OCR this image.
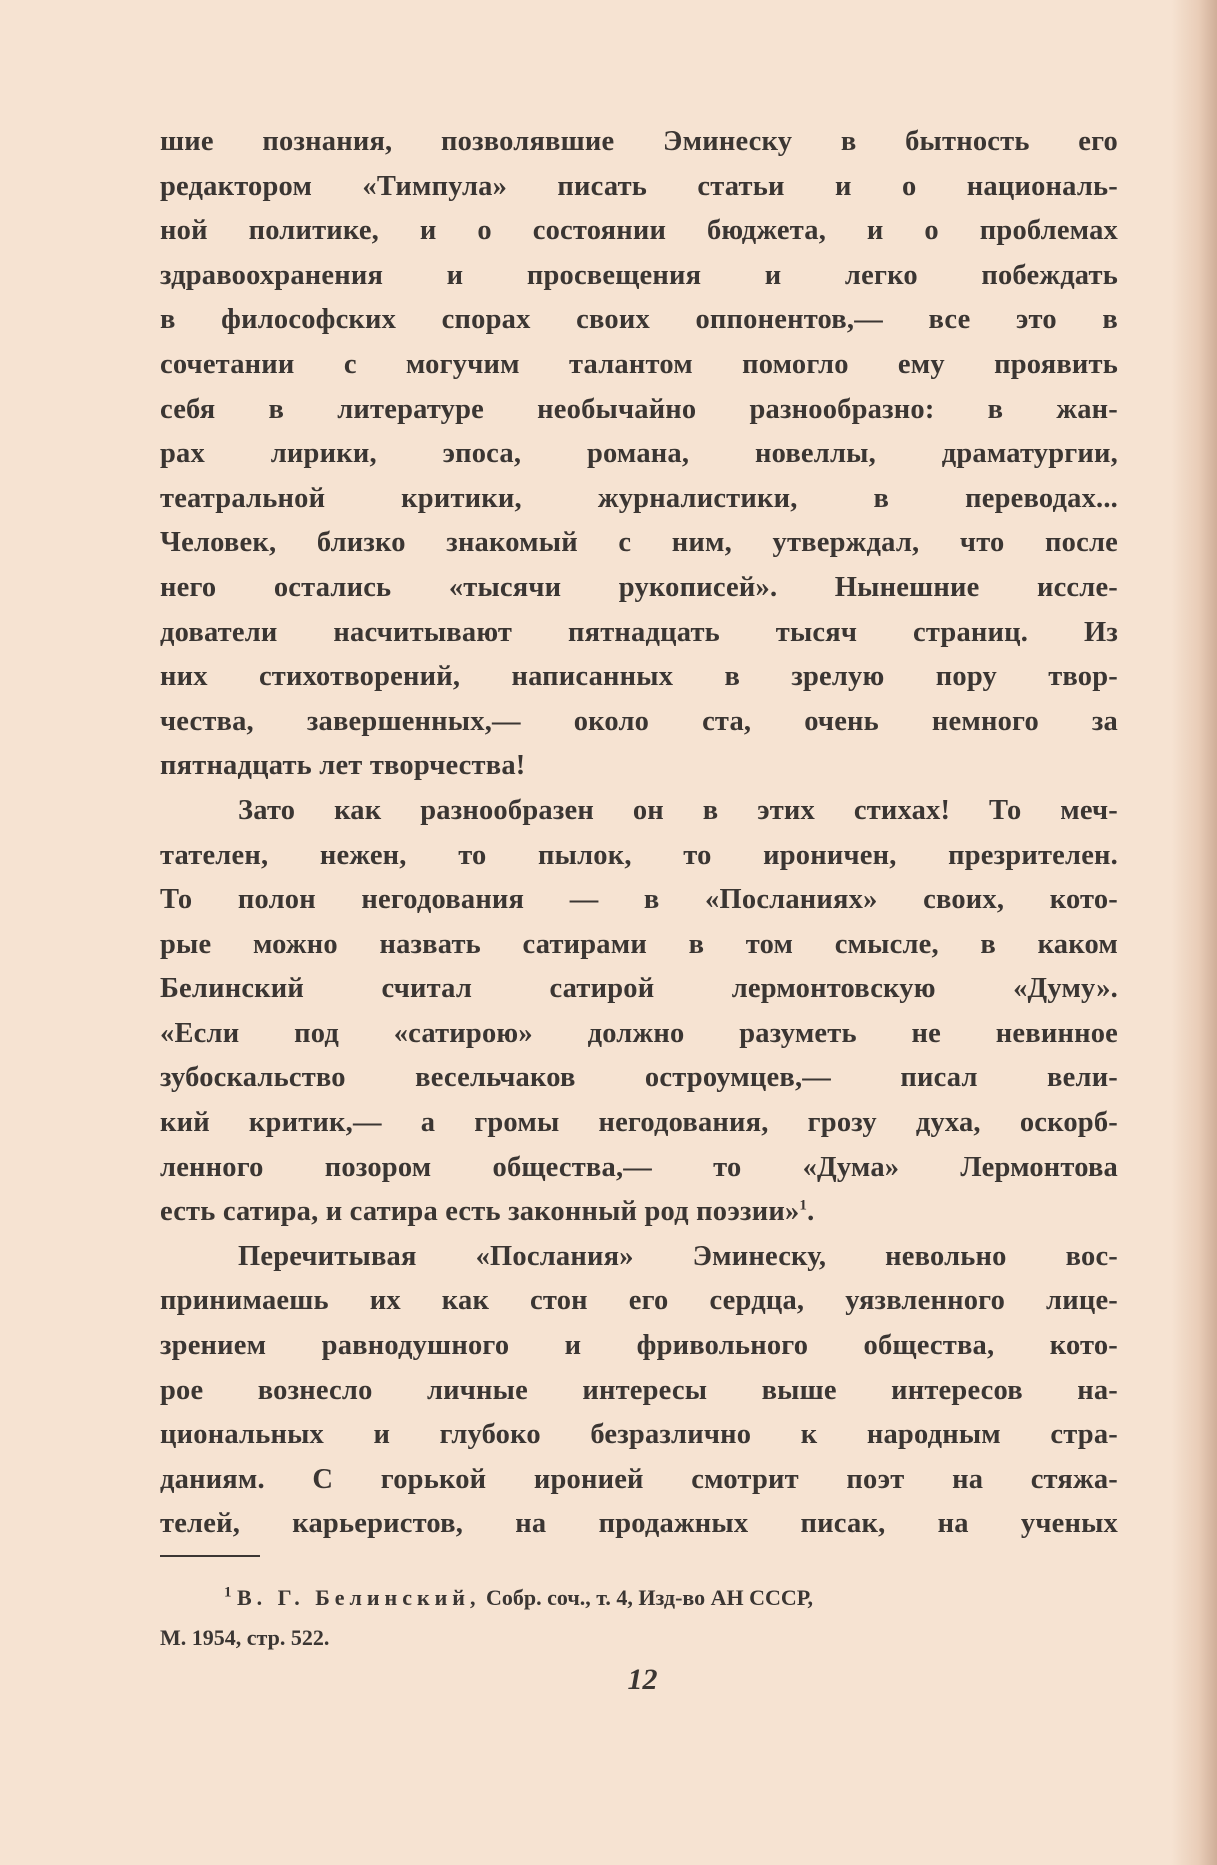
шие познания, позволявшие Эминеску в бытность его
редактором «Тимпула» писать статьи и о националь-
ной политике, и о состоянии бюджета, и о проблемах
здравоохранения и просвещения и легко побеждать
в философских спорах своих оппонентов,— все это в
сочетании с могучим талантом помогло ему проявить
себя в литературе необычайно разнообразно: в жан-
рах лирики, эпоса, романа, новеллы, драматургии,
театральной критики, журналистики, в переводах...
Человек, близко знакомый с ним, утверждал, что после
него остались «тысячи рукописей». Нынешние иссле-
дователи насчитывают пятнадцать тысяч страниц. Из
них стихотворений, написанных в зрелую пору твор-
чества, завершенных,— около ста, очень немного за
пятнадцать лет творчества!

Зато как разнообразен он в этих стихах! То меч-
тателен, нежен, то пылок, то ироничен, презрителен.
То полон негодования — в «Посланиях» своих, кото-
рые можно назвать сатирами в том смысле, в каком
Белинский считал сатирой лермонтовскую «Думу».
«Если под «сатирою» должно разуметь не невинное
зубоскальство весельчаков остроумцев,— писал вели-
кий критик,— а громы негодования, грозу духа, оскорб-
ленного позором общества,— то «Дума» Лермонтова
есть сатира, и сатира есть законный род поэзии»$^1$.

Перечитывая «Послания» Эминеску, невольно вос-
принимаешь их как стон его сердца, уязвленного лице-
зрением равнодушного и фривольного общества, кото-
рое вознесло личные интересы выше интересов на-
циональных и глубоко безразлично к народным стра-
даниям. С горькой иронией смотрит поэт на стяжа-
телей, карьеристов, на продажных писак, на ученых

$^1$ В. Г. Белинский, Собр. соч., т. 4, Изд-во АН СССР,
М. 1954, стр. 522.
12
